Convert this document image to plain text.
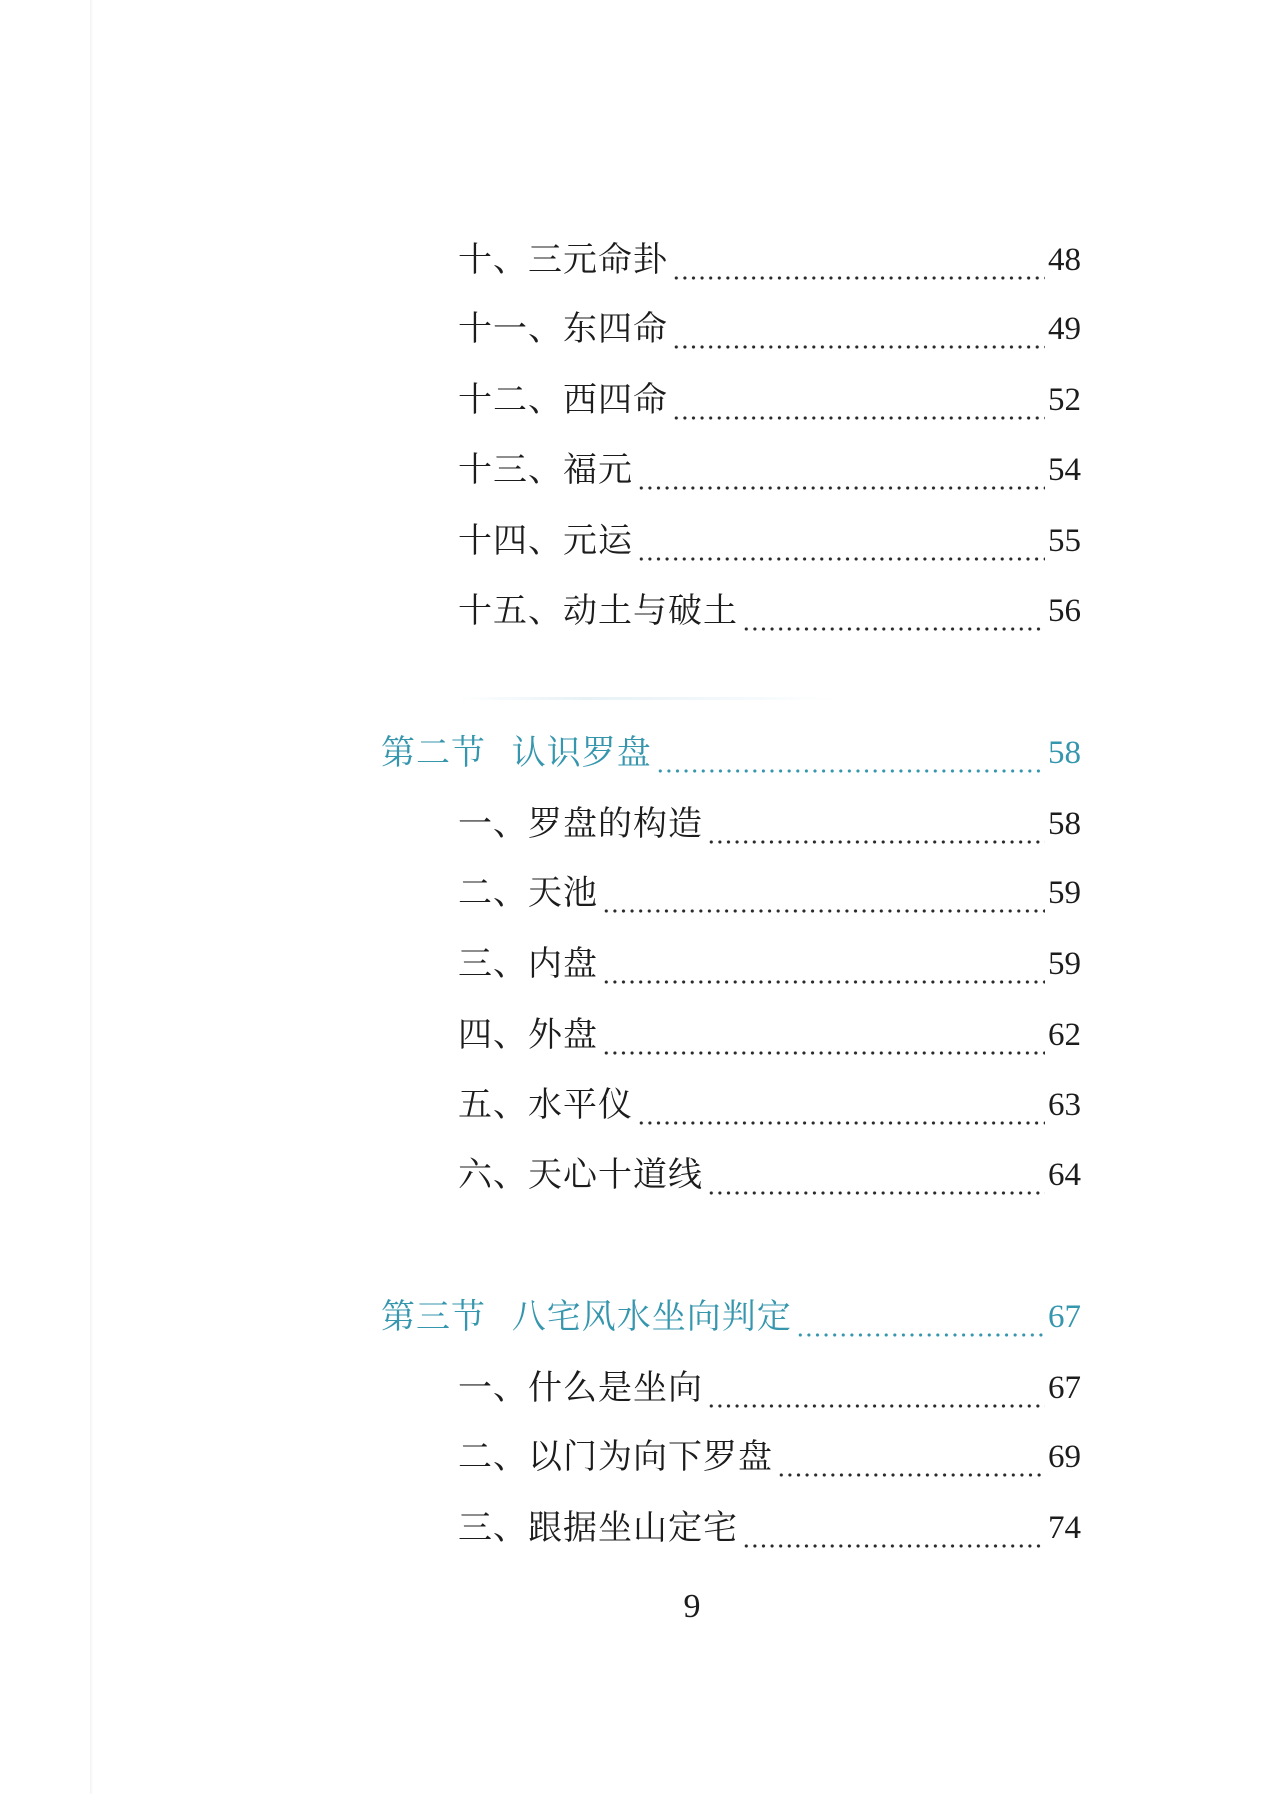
十、三元命卦	48
十一、东四命	49
十二、西四命	52
十三、福元	54
十四、元运	55
十五、动土与破土	56
第二节 认识罗盘	58
一、罗盘的构造	58
二、天池	59
三、内盘	59
四、外盘	62
五、水平仪	63
六、天心十道线	64
第三节 八宅风水坐向判定	67
一、什么是坐向	67
二、以门为向下罗盘	69
三、跟据坐山定宅	74
9
